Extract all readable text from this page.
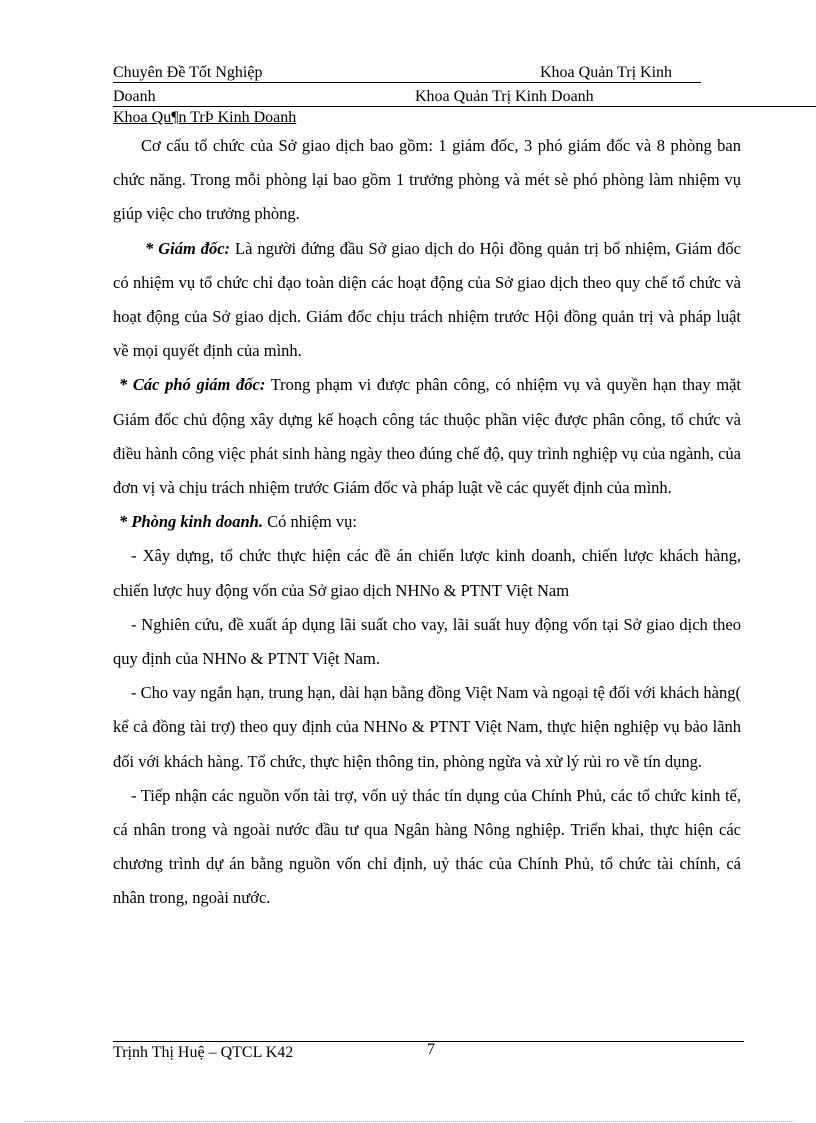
Chuyên Đề Tốt Nghiệp	Khoa Quản Trị Kinh
Doanh	Khoa Quản Trị Kinh Doanh
Khoa Qu¶n TrÞ Kinh Doanh

Cơ cấu tổ chức của Sở giao dịch bao gồm: 1 giám đốc, 3 phó giám đốc và 8 phòng ban chức năng. Trong mỗi phòng lại bao gồm 1 trưởng phòng và mét sè phó phòng làm nhiệm vụ giúp việc cho trưởng phòng.

* Giám đốc: Là người đứng đầu Sở giao dịch do Hội đồng quản trị bổ nhiệm, Giám đốc có nhiệm vụ tổ chức chỉ đạo toàn diện các hoạt động của Sở giao dịch theo quy chế tổ chức và hoạt động của Sở giao dịch. Giám đốc chịu trách nhiệm trước Hội đồng quản trị và pháp luật về mọi quyết định của mình.

* Các phó giám đốc: Trong phạm vi được phân công, có nhiệm vụ và quyền hạn thay mặt Giám đốc chủ động xây dựng kế hoạch công tác thuộc phần việc được phân công, tổ chức và điều hành công việc phát sinh hàng ngày theo đúng chế độ, quy trình nghiệp vụ của ngành, của đơn vị và chịu trách nhiệm trước Giám đốc và pháp luật về các quyết định của mình.

* Phòng kinh doanh. Có nhiệm vụ:

- Xây dựng, tổ chức thực hiện các đề án chiến lược kinh doanh, chiến lược khách hàng, chiến lược huy động vốn của Sở giao dịch NHNo & PTNT Việt Nam

- Nghiên cứu, đề xuất áp dụng lãi suất cho vay, lãi suất huy động vốn tại Sở giao dịch theo quy định của NHNo & PTNT Việt Nam.

- Cho vay ngắn hạn, trung hạn, dài hạn bằng đồng Việt Nam và ngoại tệ đối với khách hàng( kể cả đồng tài trợ) theo quy định của NHNo & PTNT Việt Nam, thực hiện nghiệp vụ bảo lãnh đối với khách hàng. Tổ chức, thực hiện thông tin, phòng ngừa và xử lý rủi ro về tín dụng.

- Tiếp nhận các nguồn vốn tài trợ, vốn uỷ thác tín dụng của Chính Phủ, các tổ chức kinh tế, cá nhân trong và ngoài nước đầu tư qua Ngân hàng Nông nghiệp. Triển khai, thực hiện các chương trình dự án bằng nguồn vốn chỉ định, uỷ thác của Chính Phủ, tổ chức tài chính, cá nhân trong, ngoài nước.

Trịnh Thị Huệ – QTCL K42	7
